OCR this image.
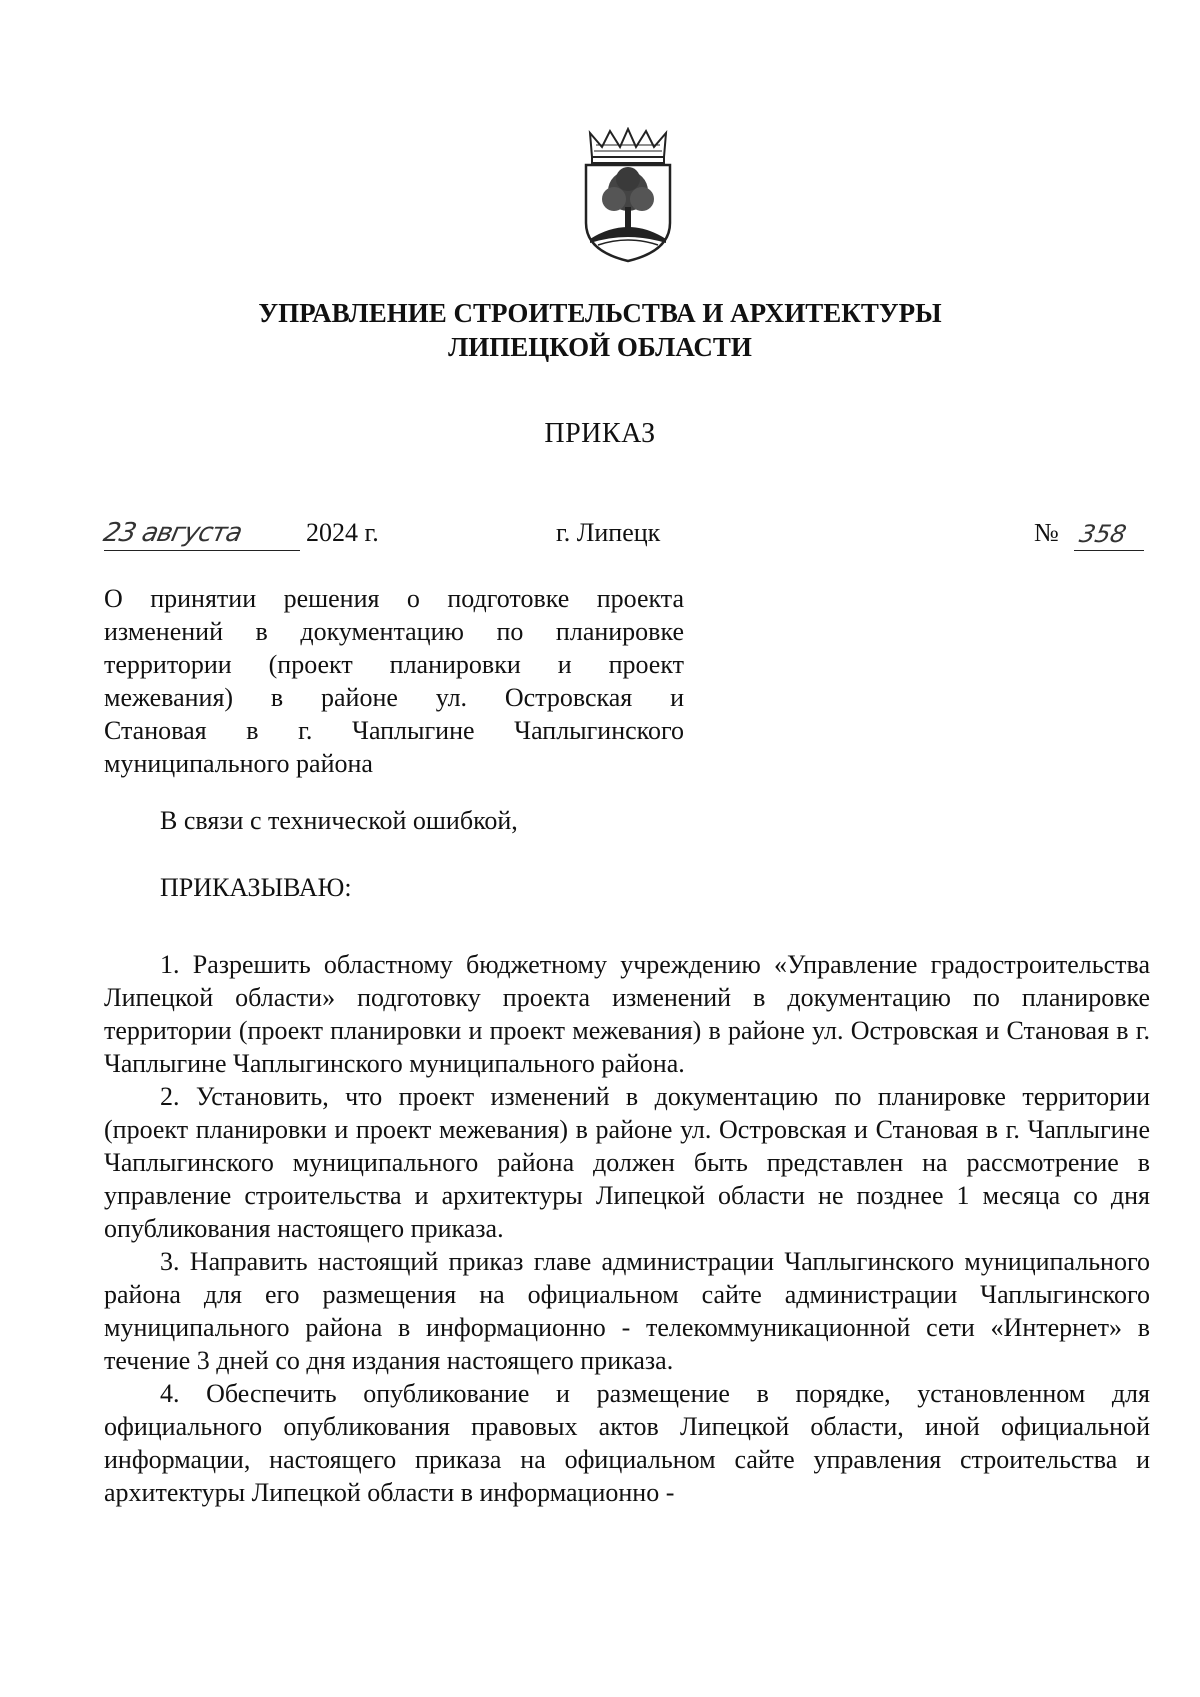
УПРАВЛЕНИЕ СТРОИТЕЛЬСТВА И АРХИТЕКТУРЫ
ЛИПЕЦКОЙ ОБЛАСТИ
ПРИКАЗ
23 августа 2024 г.	г. Липецк	№ 358
О принятии решения о подготовке проекта
изменений в документацию по планировке
территории (проект планировки и проект
межевания) в районе ул. Островская и
Становая в г. Чаплыгине Чаплыгинского
муниципального района
В связи с технической ошибкой,
ПРИКАЗЫВАЮ:

1. Разрешить областному бюджетному учреждению «Управление градостроительства Липецкой области» подготовку проекта изменений в документацию по планировке территории (проект планировки и проект межевания) в районе ул. Островская и Становая в г. Чаплыгине Чаплыгинского муниципального района.

2. Установить, что проект изменений в документацию по планировке территории (проект планировки и проект межевания) в районе ул. Островская и Становая в г. Чаплыгине Чаплыгинского муниципального района должен быть представлен на рассмотрение в управление строительства и архитектуры Липецкой области не позднее 1 месяца со дня опубликования настоящего приказа.

3. Направить настоящий приказ главе администрации Чаплыгинского муниципального района для его размещения на официальном сайте администрации Чаплыгинского муниципального района в информационно - телекоммуникационной сети «Интернет» в течение 3 дней со дня издания настоящего приказа.

4. Обеспечить опубликование и размещение в порядке, установленном для официального опубликования правовых актов Липецкой области, иной официальной информации, настоящего приказа на официальном сайте управления строительства и архитектуры Липецкой области в информационно -
